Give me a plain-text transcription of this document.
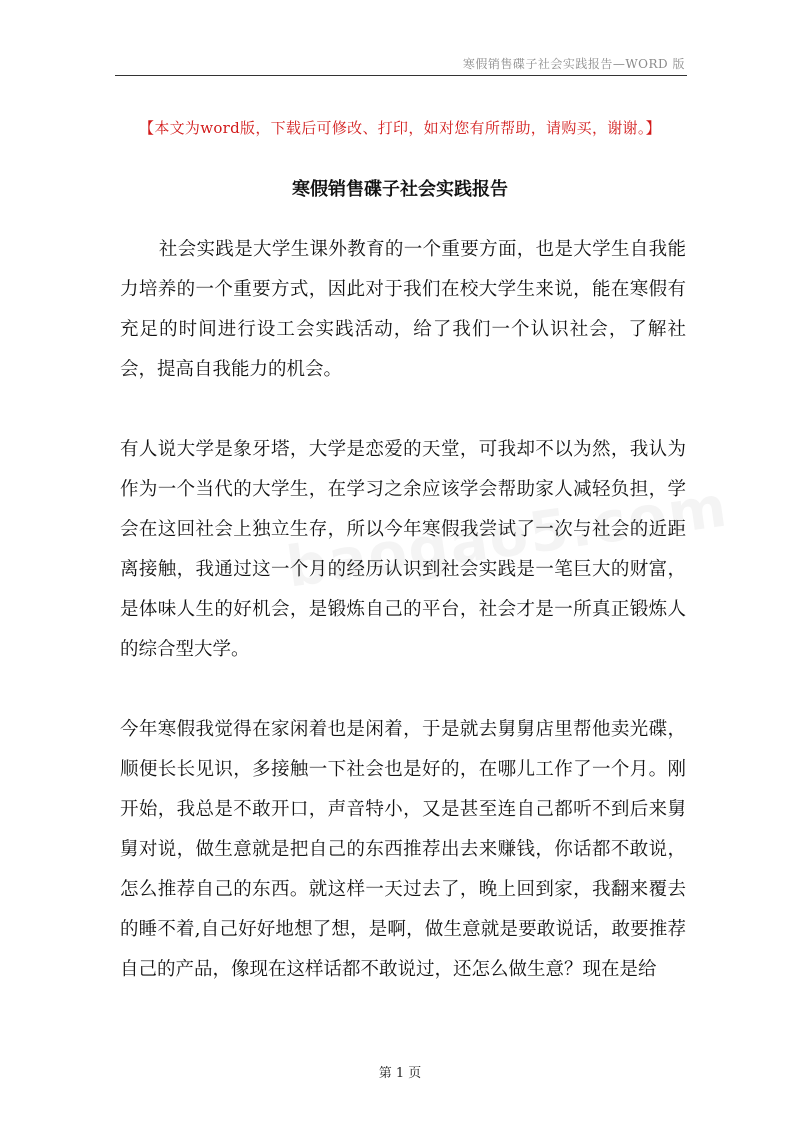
寒假销售碟子社会实践报告—WORD 版
【本文为word版，下载后可修改、打印，如对您有所帮助，请购买，谢谢。】
寒假销售碟子社会实践报告

社会实践是大学生课外教育的一个重要方面，也是大学生自我能力培养的一个重要方式，因此对于我们在校大学生来说，能在寒假有充足的时间进行设工会实践活动，给了我们一个认识社会，了解社会，提高自我能力的机会。

有人说大学是象牙塔，大学是恋爱的天堂，可我却不以为然，我认为作为一个当代的大学生，在学习之余应该学会帮助家人减轻负担，学会在这回社会上独立生存，所以今年寒假我尝试了一次与社会的近距离接触，我通过这一个月的经历认识到社会实践是一笔巨大的财富，是体味人生的好机会，是锻炼自己的平台，社会才是一所真正锻炼人的综合型大学。

今年寒假我觉得在家闲着也是闲着，于是就去舅舅店里帮他卖光碟，顺便长长见识，多接触一下社会也是好的，在哪儿工作了一个月。刚开始，我总是不敢开口，声音特小，又是甚至连自己都听不到后来舅舅对说，做生意就是把自己的东西推荐出去来赚钱，你话都不敢说，怎么推荐自己的东西。就这样一天过去了，晚上回到家，我翻来覆去的睡不着,自己好好地想了想，是啊，做生意就是要敢说话，敢要推荐自己的产品，像现在这样话都不敢说过，还怎么做生意？现在是给

第 1 页
